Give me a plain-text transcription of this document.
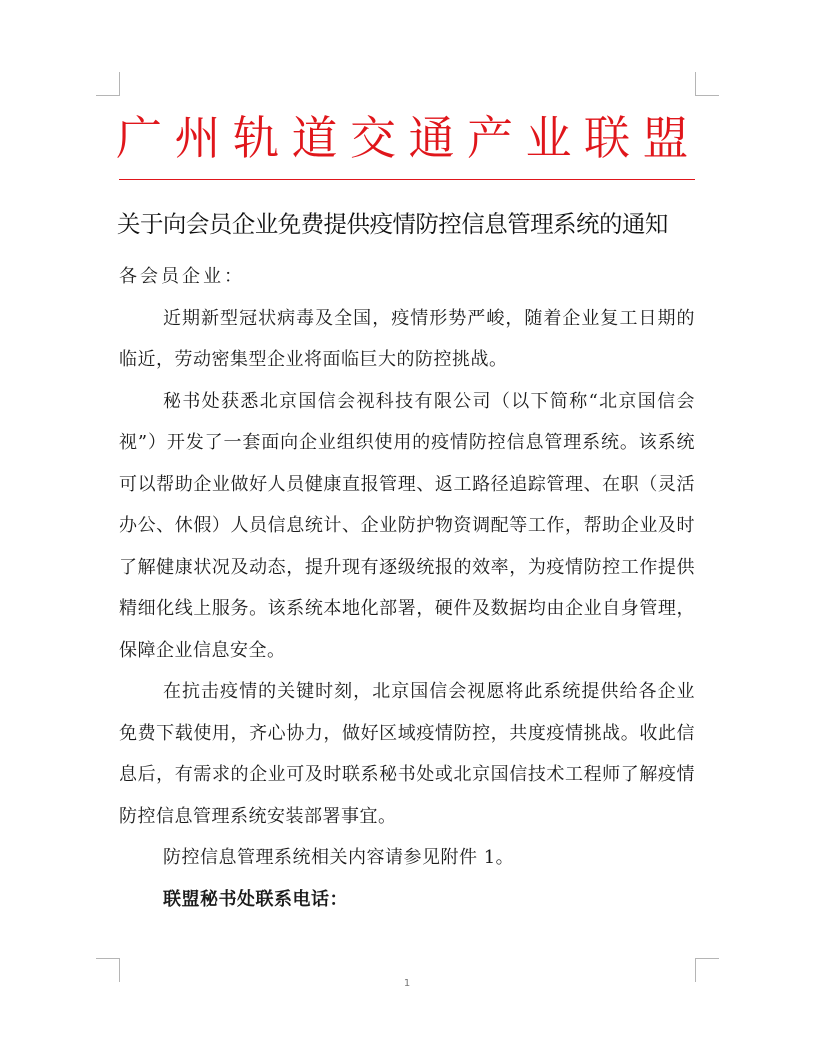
广州轨道交通产业联盟
关于向会员企业免费提供疫情防控信息管理系统的通知

各会员企业：

近期新型冠状病毒及全国，疫情形势严峻，随着企业复工日期的临近，劳动密集型企业将面临巨大的防控挑战。

秘书处获悉北京国信会视科技有限公司（以下简称“北京国信会视”）开发了一套面向企业组织使用的疫情防控信息管理系统。该系统可以帮助企业做好人员健康直报管理、返工路径追踪管理、在职（灵活办公、休假）人员信息统计、企业防护物资调配等工作，帮助企业及时了解健康状况及动态，提升现有逐级统报的效率，为疫情防控工作提供精细化线上服务。该系统本地化部署，硬件及数据均由企业自身管理，保障企业信息安全。

在抗击疫情的关键时刻，北京国信会视愿将此系统提供给各企业免费下载使用，齐心协力，做好区域疫情防控，共度疫情挑战。收此信息后，有需求的企业可及时联系秘书处或北京国信技术工程师了解疫情防控信息管理系统安装部署事宜。

防控信息管理系统相关内容请参见附件 1。

联盟秘书处联系电话：

1
